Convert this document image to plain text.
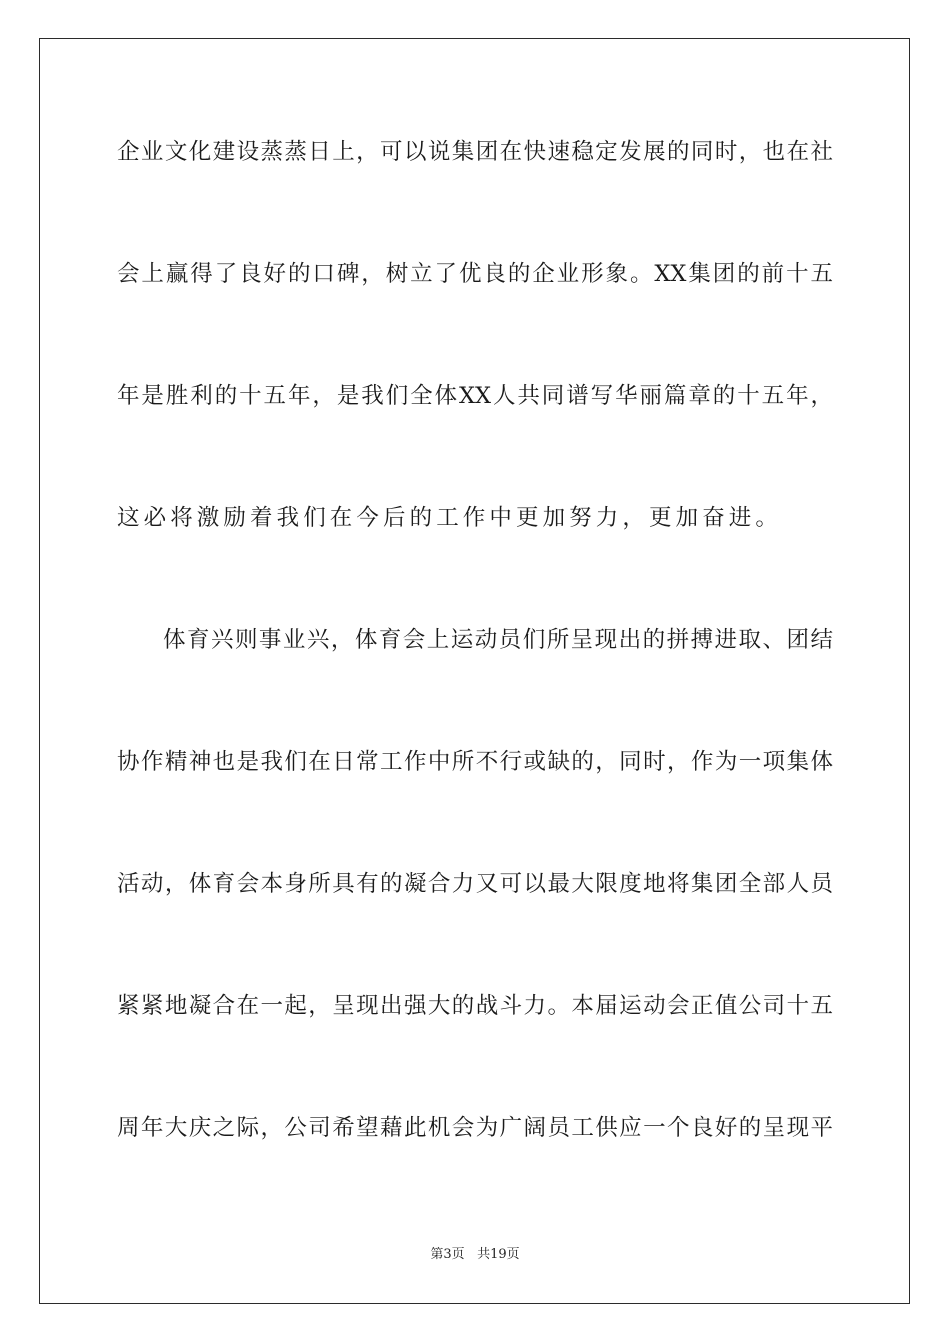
企业文化建设蒸蒸日上，可以说集团在快速稳定发展的同时，也在社
会上赢得了良好的口碑，树立了优良的企业形象。XX集团的前十五
年是胜利的十五年，是我们全体XX人共同谱写华丽篇章的十五年，
这必将激励着我们在今后的工作中更加努力，更加奋进。
体育兴则事业兴，体育会上运动员们所呈现出的拼搏进取、团结
协作精神也是我们在日常工作中所不行或缺的，同时，作为一项集体
活动，体育会本身所具有的凝合力又可以最大限度地将集团全部人员
紧紧地凝合在一起，呈现出强大的战斗力。本届运动会正值公司十五
周年大庆之际，公司希望藉此机会为广阔员工供应一个良好的呈现平
第3页 共19页
